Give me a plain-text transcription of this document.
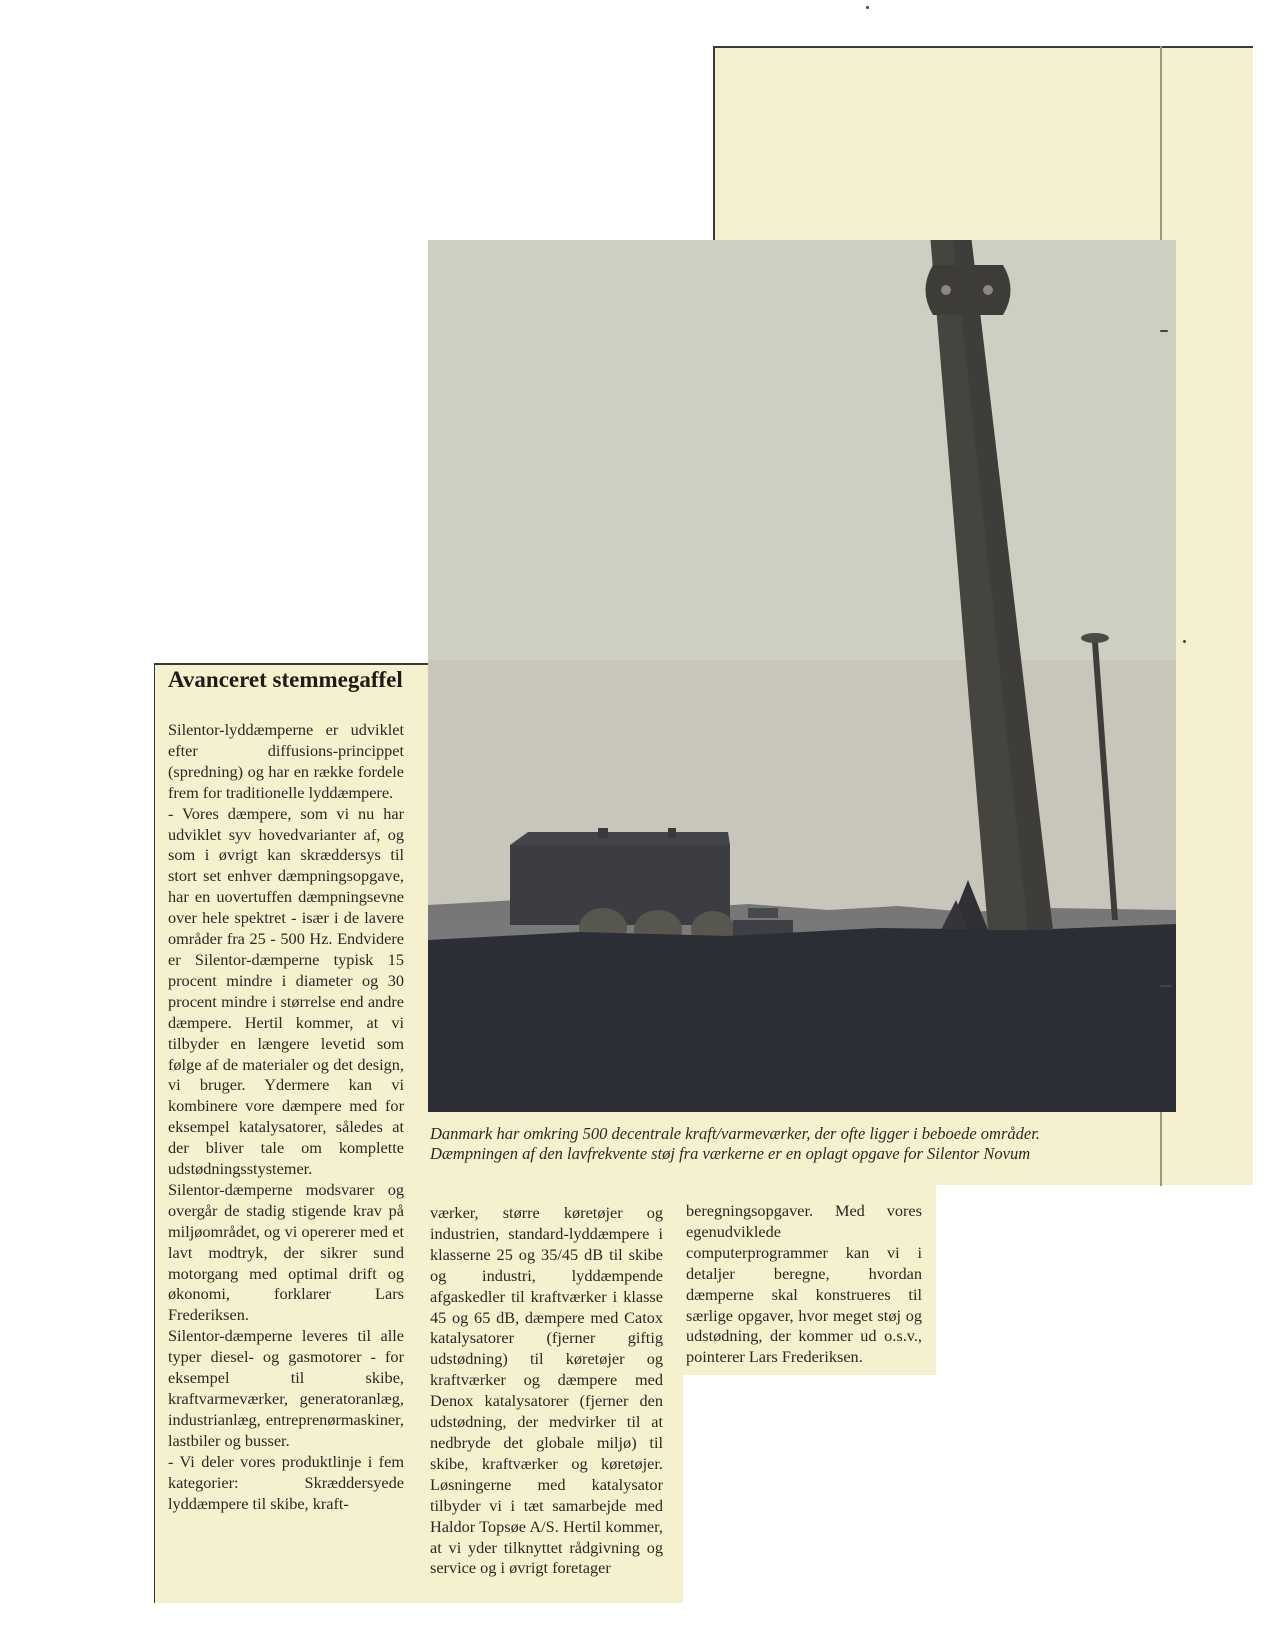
Danmark har omkring 500 decentrale kraft/varmeværker, der ofte ligger i beboede områder.
Dæmpningen af den lavfrekvente støj fra værkerne er en oplagt opgave for Silentor Novum
Avanceret stemmegaffel

Silentor-lyddæmperne er udviklet efter diffusions-princippet (spredning) og har en række fordele frem for traditionelle lyddæmpere.

- Vores dæmpere, som vi nu har udviklet syv hovedvarianter af, og som i øvrigt kan skræddersys til stort set enhver dæmpningsopgave, har en uovertuffen dæmpningsevne over hele spektret - især i de lavere områder fra 25 - 500 Hz. Endvidere er Silentor-dæmperne typisk 15 procent mindre i diameter og 30 procent mindre i størrelse end andre dæmpere. Hertil kommer, at vi tilbyder en længere levetid som følge af de materialer og det design, vi bruger. Ydermere kan vi kombinere vore dæmpere med for eksempel katalysatorer, således at der bliver tale om komplette udstødningsstystemer.

Silentor-dæmperne modsvarer og overgår de stadig stigende krav på miljøområdet, og vi opererer med et lavt modtryk, der sikrer sund motorgang med optimal drift og økonomi, forklarer Lars Frederiksen.

Silentor-dæmperne leveres til alle typer diesel- og gasmotorer - for eksempel til skibe, kraftvarmeværker, generatoranlæg, industrianlæg, entreprenørmaskiner, lastbiler og busser.

- Vi deler vores produktlinje i fem kategorier: Skræddersyede lyddæmpere til skibe, kraft-

værker, større køretøjer og industrien, standard-lyddæmpere i klasserne 25 og 35/45 dB til skibe og industri, lyddæmpende afgaskedler til kraftværker i klasse 45 og 65 dB, dæmpere med Catox katalysatorer (fjerner giftig udstødning) til køretøjer og kraftværker og dæmpere med Denox katalysatorer (fjerner den udstødning, der medvirker til at nedbryde det globale miljø) til skibe, kraftværker og køretøjer. Løsningerne med katalysator tilbyder vi i tæt samarbejde med Haldor Topsøe A/S. Hertil kommer, at vi yder tilknyttet rådgivning og service og i øvrigt foretager

beregningsopgaver. Med vores egenudviklede computerprogrammer kan vi i detaljer beregne, hvordan dæmperne skal konstrueres til særlige opgaver, hvor meget støj og udstødning, der kommer ud o.s.v., pointerer Lars Frederiksen.
